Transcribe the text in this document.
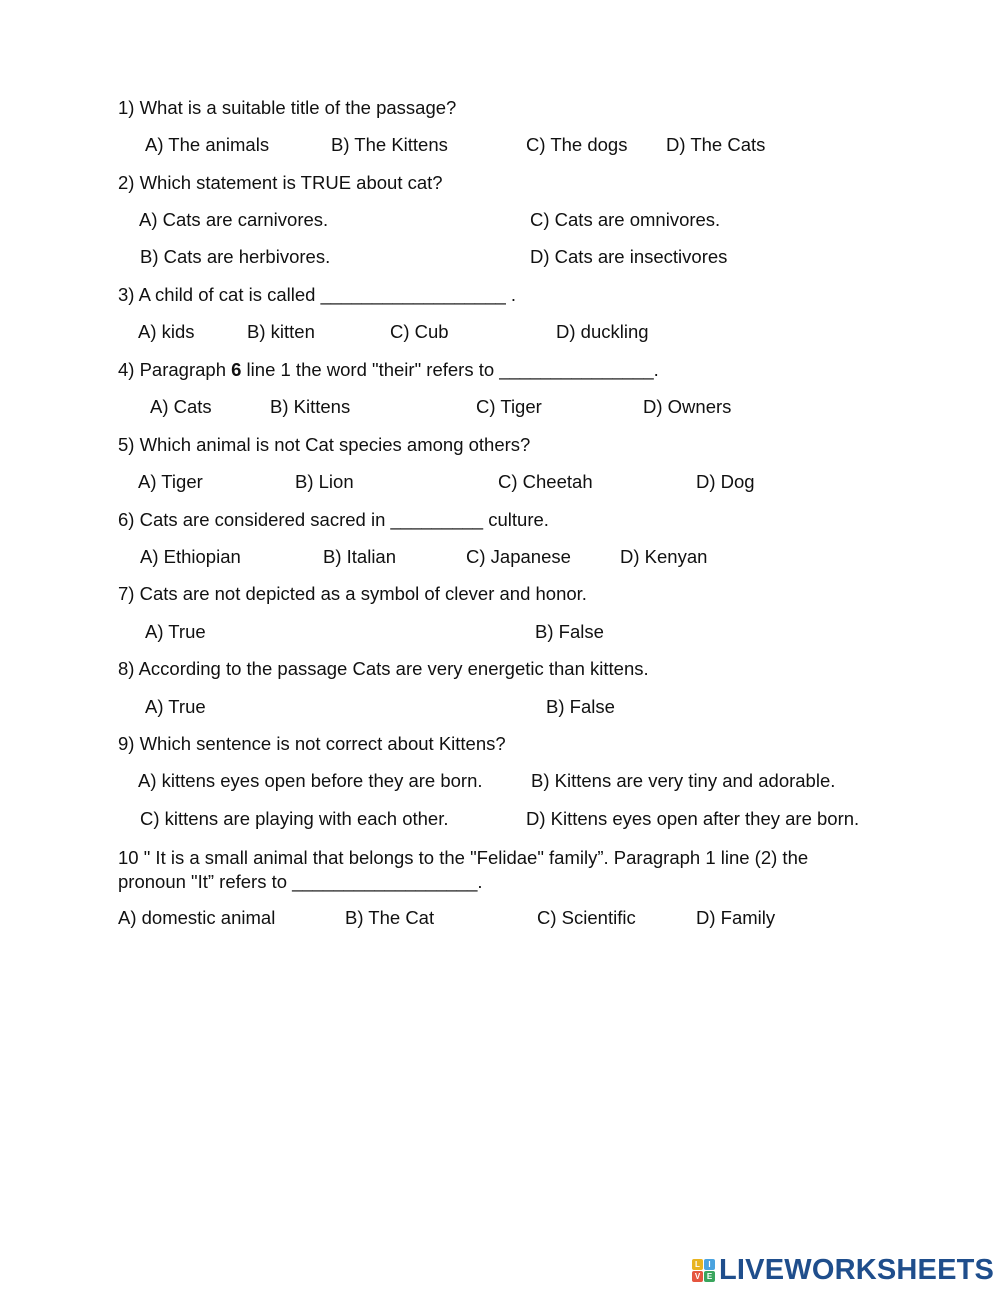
1) What is a suitable title of the passage?
A) The animals	B) The Kittens	C) The dogs D) The Cats
2) Which statement is TRUE about cat?
A) Cats are carnivores.	C) Cats are omnivores.
B) Cats are herbivores.	D) Cats are insectivores
3) A child of cat is called __________________ .
A) kids	B) kitten	C) Cub	D) duckling
4) Paragraph 6 line 1 the word "their" refers to _______________.
A) Cats	B) Kittens	C) Tiger	D) Owners
5) Which animal is not Cat species among others?
A) Tiger	B) Lion	C) Cheetah	D) Dog
6) Cats are considered sacred in _________ culture.
A) Ethiopian	B) Italian	C) Japanese	D) Kenyan
7) Cats are not depicted as a symbol of clever and honor.
A) True	B) False
8) According to the passage Cats are very energetic than kittens.
A) True	B) False
9) Which sentence is not correct about Kittens?
A) kittens eyes open before they are born.	B) Kittens are very tiny and adorable.
C) kittens are playing with each other.	D) Kittens eyes open after they are born.
10 " It is a small animal that belongs to the "Felidae" family”. Paragraph 1 line (2) the pronoun "It” refers to __________________.
A) domestic animal	B) The Cat	C) Scientific	D) Family
L	I
V E LIVEWORKSHEETS
